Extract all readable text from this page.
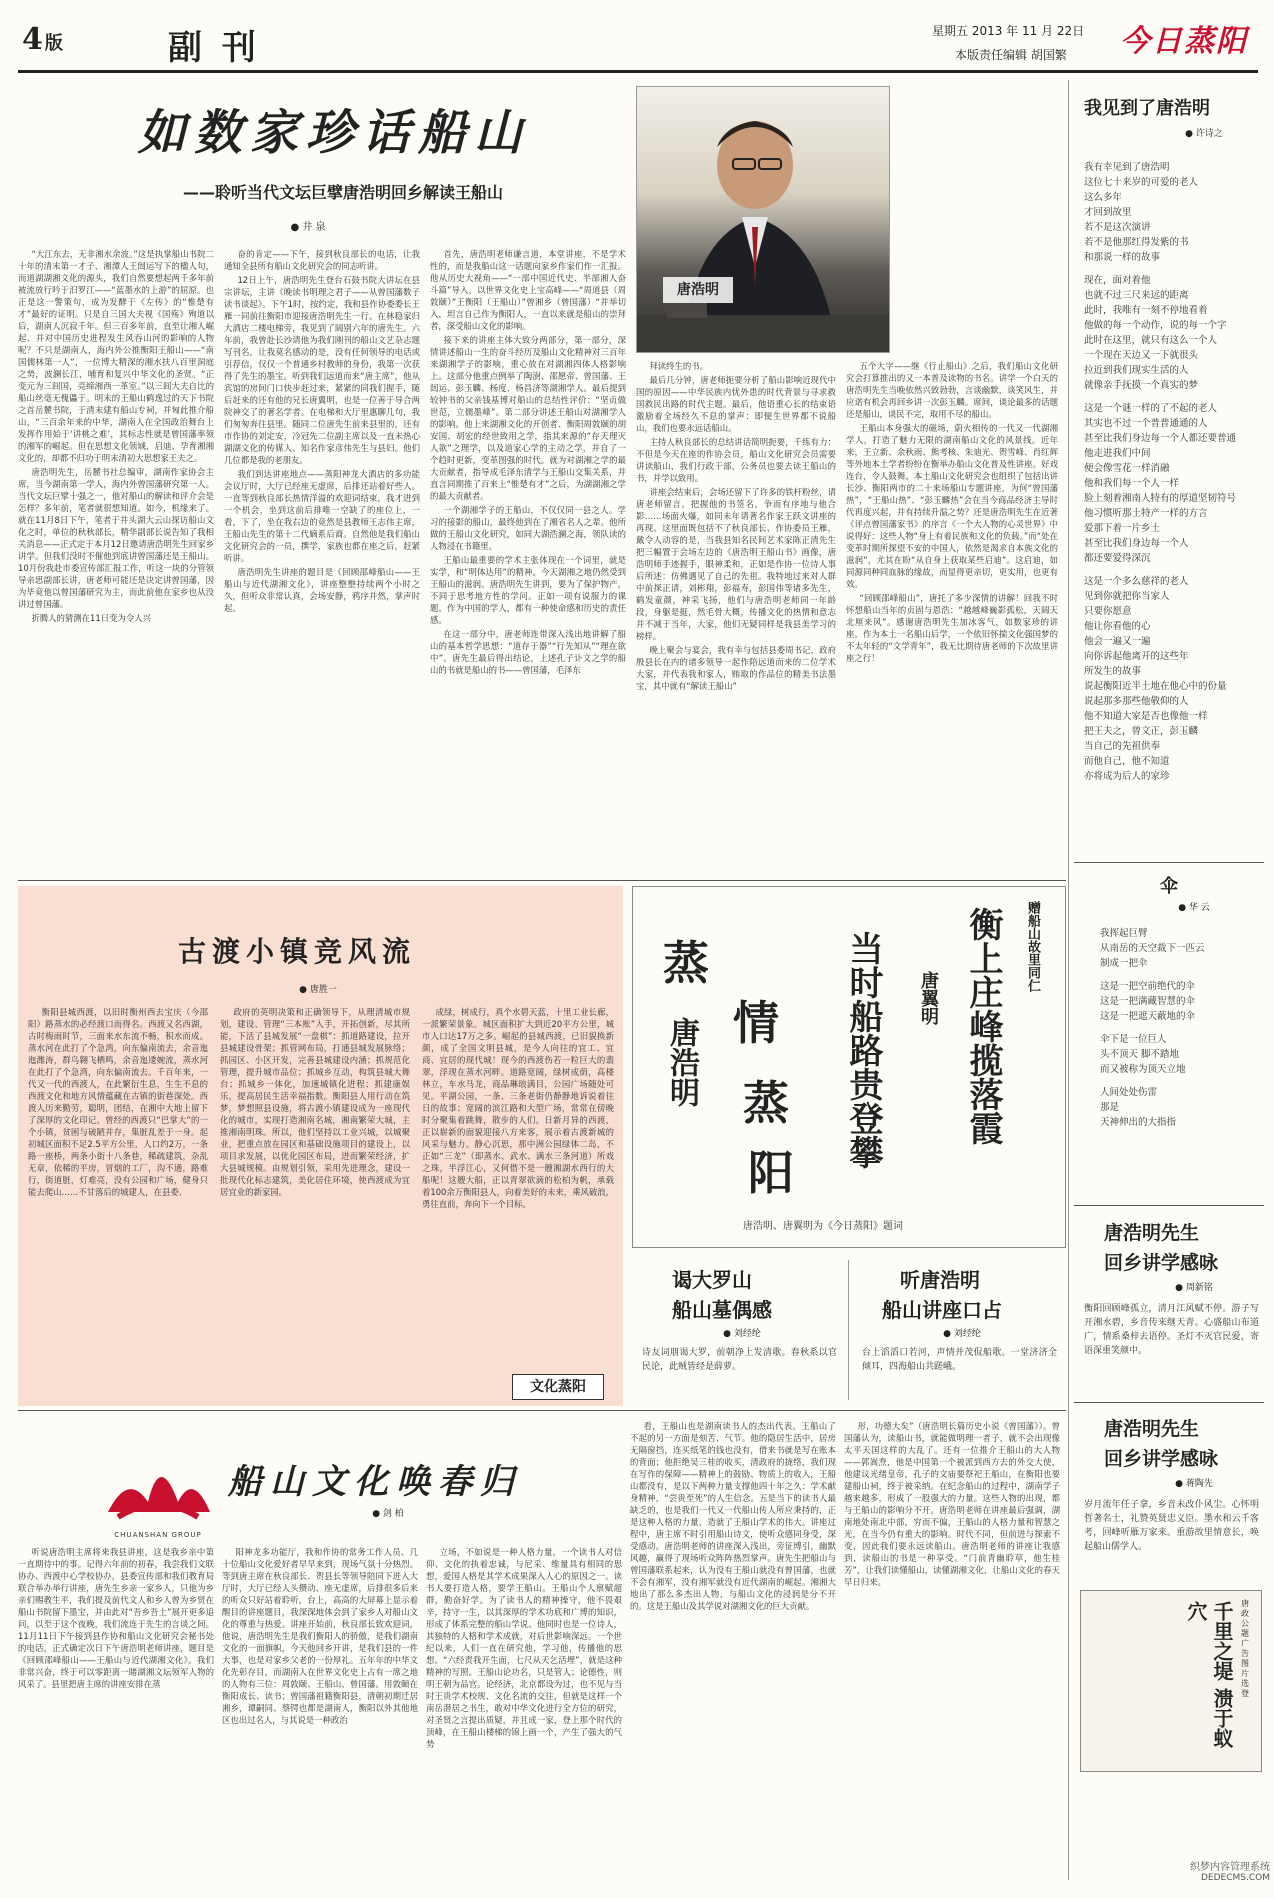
4 版	副 刊	星期五 2013 年 11 月 22日
本版责任编辑 胡国繁 今日蒸阳
如数家珍话船山
——聆听当代文坛巨擘唐浩明回乡解读王船山
● 井 泉

“大江东去，无非湘水余波。”这是执掌船山书院二十年的清末第一才子、湘潭人王闿运写下的楹人句，而道湖湖湘文化的源头，我们自然要想起两千多年前被流放行吟于汨罗江——“蓝墨水的上游”的屈原。也正是这一警策句，成为发酵于《左传》的“惟楚有才”最好的证明。只是自三国大夫视《国殇》殉道以后，湖南人沉寂千年。但三百多年前，直至让湘人崛起、并对中国历史进程发生风吞山河的影响的人物呢？不只是湖南人，海内外公推衡阳王船山——“南国儒林第一人”，一位博大精深的湘水扶八百里洞庭之势，波澜长江，哺育和复兴中华文化的圣贤。“正变元为三闾国，亮缔湘西一革室。”以三闾大夫自比的船山丝毫无傀儡于。明末的王船山鹤逸过的天下书院之首岳麓书院，于清末建有船山专祠，并匈此推介船山，“三百余年来的中华，湖南人在全国政治舞台上发挥作用始于‘讲桃之难’，其标志性就是曾国藩率领的湘军的崛起。但在思想文化领域，启迪、孕育湘湘文化的，却都不归功于明末清初大思想家王夫之。

唐浩明先生，岳麓书社总编审，湖南作家协会主席，当今湖南第一学人，海内外曾国藩研究第一人。当代文坛巨擘十强之一，他对船山的解读和评介会是怎样？多年前，笔者就很想知道。如今，机缘来了。就在11月8日下午，笔者于井头湖大云山探访船山文化之时，单位的秋秋部长，精华副部长说告知了我相关消息——正式定于本月12日邀请唐浩明先生回家乡讲学。但我们没时不催他到底讲曾国藩还是王船山。10月份我赴市委宣传部汇报工作，听这一块的分管领导亲思副部长讲，唐老师可能还是决定讲曾国藩，因为毕竟他以曾国藩研究为主，而此前他在家乡也从没讲过曾国藩。

折腾人的猜测在11日变为令人兴

奋的肯定——下午，接到秋良部长的电话，让我通知全县所有船山文化研究会的同志听讲。

12日上午，唐浩明先生登台石鼓书院大讲坛在县宗讲坛，主讲《晚读书明理之君子——从曾国藩数子读书谈起》。下午1时，按约定，我和县作协委委长王雁一同前往衡阳市迎接唐浩明先生一行。在林稳家归大酒店二楼电梯旁，我见到了阔别六年的唐先生。六年前，我曾赴长沙请他为我们刚刊的船山文艺杂志题写刊名，让我莫名感动的是，没有任何领导的电话或引荐信，仅仅一个普通乡村教师的身份，我第一次获得了先生的墨宝。听到我们远道而来“唐主席”，他从宾馆的房间门口快步赶过来，紧紧的同我们握手，随后赶来的还有他的兄长唐翼明，也是一位善于导合两院神交了的著名学者。在电梯和大厅里惠聊几句，我们匆匆奔往县里。随同二位唐先生前来县里的，还有市作协的刘定安，冷冠先二位副主席以及一直未热心湖湖文化的传媒人、知名作家彦伟先生与县妇。他们几位都是我的老朋友。

我们到达讲座地点——蒸阳神龙大酒店的多功能会议厅时，大厅已经座无虚席，后排还站着好些人。一直等到秋良部长热情洋溢的欢迎词结束，我才进到一个机会，坐到这前后排唯一空缺了的座位上，一看，下了，坐在我右边的竟然是县教师王志伟主席，王船山先生的第十二代嫡系后裔。自然他是我们船山文化研究会的一员，撰学，家族也都在座之后，赶紧听讲。

唐浩明先生讲座的题目是《回顾邵峰船山——王船山与近代湖湘文化》，讲座整整持续两个小时之久，但听众非常认真，会场安静，鸦序并然，掌声时起。

首先，唐浩明老师谦言道，本堂讲座，不是学术性的，而是我船山这一话题向家乡作家们作一汇报。他从历史大视角——“一部中国近代史、半部湘人奋斗篇”导入，以世界文化史上宝高峰——“周道县（周敦颐）”王衡阳（王船山）”曾湘乡（曾国藩）“并举切入，坦言自己作为衡阳人，一直以来就是船山的崇拜者，深受船山文化的影响。

接下来的讲座主体大致分两部分，第一部分，深情讲述船山一生的奋斗经历及船山文化精神对三百年来湖湘学子的影响，重心放在对湖湘四体人格影响上。这部分他重点例举了陶澍、邵愿帝、曾国藩、王闿运、彭玉麟、杨度、杨昌济等湖湘学人。最后提到较钟书的父亲钱基博对船山的总结性评价：“坚贞做世范，立儒墨峰”。第二部分讲述王船山对湖湘学人的影响。他上来湖湘文化的开创者、衡阳周敦颐的胡安国、胡宏的经世致用之学，指其来源的“存天理灭人欲”之理学，以及道家心学的主动之学，并自了一个趋时更新，变革图强的时代。就为对湖湘之学的最大贡献者，指导成毛泽东清学与王船山交集关系，并直言同期推了百来上“惟楚有才”之后，为湖湖湘之学的最大贡献者。

一个湖湘学子的王船山，不仅仅同一县之人。学习的接影的船山，最终他到在了湘省名人之辈。他所做的王船山文化研究，如同大湖浩澜之海，领队读的人物浸在书籍里。

王船山最重要的学术主张体现在一个词里，就是实学，和“明体达用”的精神。今天湖湘之地仍然受到王船山的滋润。唐浩明先生讲到，要为了保护物产，不同于思考地方性的学问。正如一项有说服力的课题。作为中国的学人，都有一种使命感和历史的责任感。

在这一部分中，唐老师连带深入浅出地讲解了船山的基本哲学思想：“道存于器”“行先知从”“理在欲中”。唐先生最后得出结论，上述孔子讣文之学的船山的书就是船山的书——曾国藩，毛泽东

唐浩明

拜读终生的书。

最后几分钟，唐老师扼要分析了船山影响近现代中国的原因——中华民族内忧外患的时代背景与寻求救国救民出路的时代主题。最后，他语重心长的结束语激励着全场经久不息的掌声：即便生世界都不说船山，我们也要永远话船山。

主持人秋良部长的总结讲话简明扼要，千练有力：不但是今天在座的作协会员，船山文化研究会员需要讲读船山，我们行政干部，公务员也要去读王船山的书，并学以致用。

讲座会结束后，会场还留下了许多的铁杆粉丝，请唐老师留言，把握他的书签名，争而有序地与他合影……场面火爆，如同未年请著名作家王跃文讲座的再现。这里面既包括不了秋良部长、作协委员王雁，戴令人动容的是，当我县知名民间艺术家陈正清先生把三幅置于会场左边的《唐浩明王船山书》画像，唐浩明师手迹握手，眼神柔和，正如是作协一位诗人事后所述：仿佛遇见了自己的先祖。我特地过来对人群中前探正请，刘彬翔，彭福寿，彭国伟等诸多先生，鹤发童颜，神采飞扬，他们与唐浩明老师同一年龄段，身躯是挺，然毛骨大概，传播文化的热情和意志并不减于当年，大家，他们无疑同样是我县美学习的榜样。

晚上聚会与宴会，我有幸与包括县委周书记，政府殷县长在内的诸多领导一起作陪远道而来的二位学术大家，并代表我和家人，贿取的作品位的精美书法墨宝，其中就有“解读王船山”

五个大字——继《行止船山》之后，我们船山文化研究会打算推出的又一本普及读物的书名。讲学一个白天的唐浩明先生当晚依然兴致勃勃，言谈幽默，谈笑风生，并应诺有机会再回乡讲一次彭玉麟。席间，谈论最多的话题还是船山，谈民不完，取用不尽的船山。

王船山本身强大的磁场，蔚火相传的一代又一代湖湘学人，打造了魅力无限的湖南船山文化的风景线。近年来，王立新、余秋雨、熊考核、朱迪光、贺雪峰、肖红辉等外地本土学者纷纷在衡举办船山文化普及性讲座。好戏连台，令人鼓舞。本土船山文化研究会也组织了包括出讲长沙、衡阳两市的二十来场船山专题讲座，为何“曾国藩热”，“王船山热”、“彭玉麟热”会在当今商品经济主导时代再度兴起，并有持续升温之势？还是唐浩明先生在近著《评点曾国藩家书》的序言《一个大人物的心灵世界》中说得好：这些人物“身上有着民族和文化的负载。”而“处在变革时期所探望不安的中国人，依然是渴求自本族文化的滋润”，尤其在盼“从自身上获取某些启迪”。这启迪，如同源同种同血脉的缘故，而显得更亲切，更实用，也更有效。

“回顾邵峰船山”，唐托了多少深情的讲解！回我不时怀想船山当年的贞固与恩浩：“越越峰巍影孤松，天阔天北厘来风”。感谢唐浩明先生加冰客气，如数家珍的讲座。作为本土一名船山后学，一个依旧怀揣文化强国梦的不太年轻的“文学青年”，我无比期待唐老师的下次故里讲座之行！

我见到了唐浩明
● 许诗之
我有幸见到了唐浩明
这位七十来岁的可爱的老人
这么多年
才回到故里
若不是这次演讲
若不是他那红得发紫的书
和那说一样的故事
现在，面对着他
也就不过三尺来远的距离
此时，我唯有一刻不停地看着
他做的每一个动作，说的每一个字
此时在这里，就只有这么一个人
一个现在天边又一下就很头
拉近到我们现实生活的人
就像亲手抚摸一个真实的梦
这是一个谜一样的了不起的老人
其实也不过一个普普通通的人
甚至比我们身边每一个人都还要普通
他走进我们中间
便会像雪花一样消融
他和我们每一个人一样
脸上刻着湘南人特有的厚道坚韧符号
他习惯听那土特产一样的方言
爱那下着一片乡土
甚至比我们身边每一个人
都还要爱得深沉
这是一个多么慈祥的老人
见到你就把你当家人
只要你愿意
他让你看他的心
他会一遍又一遍
向你诉起他离开的这些年
所发生的故事
说起衡阳近半土地在他心中的份量
说起那多那些他敬仰的人
他不知道大家是否也像他一样
把王夫之，曾文正，彭玉麟
当自己的先祖供奉
而他自己，他不知道
亦将成为后人的家珍
伞
● 华 云
我挥起巨臂
从南岳的天空裁下一匹云
制成一把伞
这是一把空前绝代的伞
这是一把满藏智慧的伞
这是一把遮天蔽地的伞
伞下是一位巨人
头不顶天 脚不踏地
而又被称为顶天立地
人间处处伤雷
那是
天神伸出的大指指
唐浩明先生
回乡讲学感咏
● 周新铭
衡阳回顾峰孤立，清月江风赋不停。游子写开湘水碧，乡音传来继天青。心盛船山布道广，情系桑梓去语停。圣灯不灭官民爱，寄语深重笑颜中。
唐浩明先生
回乡讲学感咏
● 蒋陶先
岁月流年任子拿，乡音未改仆风尘。心怀明哲著名士，礼赞英贤忠义臣。墨水和云千客考，回峰听雁万家来。重游故里情意长，唤起船山儒学人。
唐政公题广告图片选登
千里之堤 溃于蚁穴
织梦内容管理系统
DEDECMS.COM
古渡小镇竞风流
● 唐胜一

衡阳县城西渡，以旧时衡州西去宝庆（今邵阳）路蒸水的必经渡口而得名。西渡又名西湖，古时梅雨时节，三面来水东流不畅，积水而成。蒸水河在此打了个急湾，向东偏南流去，余音迤迤潍涛，群鸟翱飞栖鸣，余音迤逶婉流，蒸水河在此打了个急湾，向东偏南流去。千百年来，一代又一代的西渡人，在此繁衍生息，生生不息的西渡文化和地方风情蕴藏在古镇的街巷深处。西渡人历来勤劳，聪明，团结，在湘中大地上留下了深厚的文化印记。曾经的西渡只“巴掌大”的一个小镇，贫困与破陋并存，集脏乱差于一身。起初城区面积不足2.5平方公里，人口约2万，一条路一座桥，两条小街十八条巷，稀疏建筑，杂乱无章，依稀的平房，冒烟的工厂，沟不通，路难行，街道脏，灯难亮，没有公园和广场，健身只能去爬山……不甘落后的城建人，在县委、

政府的英明决策和正确领导下，从理清城市规划，建设、管理“三本账”入手，开拓创新，尽其所能，下活了县城发展“一盘棋”：抓道路建设，拉开县城建设骨架；抓管网布局，打通县城发展脉络；抓园区、小区开发，完善县城建设内涵；抓规范化管理，提升城市品位；抓城乡互动，构筑县城大舞台；抓城乡一体化，加速城镇化进程；抓建康娱乐，提高居民生活幸福指数。衡阳县人用行动在筑梦，梦想照县设施，将古渡小镇建设成为一座现代化的城市，实现打造湘南名城，湘南繁荣大城，主推湘南明珠。所以，他们坚持以工业兴城，以城聚业，把重点放在园区和基础设施项目的建设上，以项目求发展，以优化园区布局，进而繁荣经济，扩大县城规模。由规划引领，采用先进理念，建设一批现代化标志建筑，美化居住环境，使西渡成为宜居宜业的新家园。

成绿，树成行，真个水碧天蓝，十里工业长廊，一派繁荣景象。城区面积扩大到近20平方公里，城市人口达17万之多。崛起的县城西渡，已旧貌换新颜，成了全国文明县城，是今人向往的宜工、宜商、宜居的现代城！现今的西渡伤若一粒巨大的翡翠，浮现在蒸水河畔。道路宽阔，绿树成荫，高楼林立，车水马龙，商品琳琅满目，公园广场随处可见。平湖公园，一条、三条老街仍静静地诉说着往日的故事；宽阔的滨江路和大型广场，常常在傍晚时分聚集着跳舞，散步的人们。日新月异的西渡，正以崭新的面貌迎接八方来客，展示着古渡新城的风采与魅力。静心沉思，那中洲公园绿体二岛，不正如“三龙”（即蒸水、武水、满水三条河道）所戏之珠，半浮江心，又何借不是一艘湘湖水西行的大船呢！这艘大船，正以青翠欲滴的松柏为帆，承载着100余万衡阳县人，向着美好的未来，乘风破浪，勇往直前，奔向下一个目标。

文化蒸阳
蒸
情
蒸
阳
唐浩明
赠船山故里同仁
衡上庄峰揽落霞
当时船路贵登攀
唐翼明
唐浩明、唐翼明为《今日蒸阳》题词
谒大罗山
船山墓偶感
● 刘经纶
诗友词朋谒大罗，前朝净上发清歌。春秋系以官民论，此贼皆经是薛萝。
听唐浩明
船山讲座口占
● 刘经纶
台上滔滔口若河，声情并茂侃船歌。一堂济济全倾耳，四海船山共蹉峨。
CHUANSHAN GROUP
船山文化唤春归
● 剑 柏

听说唐浩明主席将来我县讲座，这是我乡亲中第一直期待中的事。记得六年前的初春，我尝我们文联协办、西渡中心学校协办，县委宣传部和我们教育局联合举办举行讲座，唐先生乡亲一家乡人，只他为乡亲们赐教生平，我们提及前代文人和乡人曾为乡贤在船山书院留下墨宝，并由此对“吾乡吾土”展开更多追问，以至于这个夜晚，我们流连于先生的言谈之间。11月11日下午接到县作协和船山文化研究会秘书处的电话，正式确定次日下午唐浩明老师讲座，题目是《回顾邵峰船山——王船山与近代湖湘文化》。我们非常兴奋，终于可以零距离一睹湖湘文坛领军人物的风采了。县里把唐主席的讲座安排在蒸

阳神龙多功能厅，我和作协的常务工作人员、几十位船山文化爱好者早早来到，现场气氛十分热烈。等到唐主席在秋良部长、贺县长等领导陪同下进入大厅时，大厅已经人头攒动、座无虚席，后排很多后来的听众只好站着聆听，台上，高高的大屏幕上显示着醒目的讲座题目，我深深地体会到了家乡人对船山文化的尊重与热爱。讲座开始前，秋良部长致欢迎词，他说，唐浩明先生是我们衡阳人的骄傲，是我们湖南文化的一面旗帜，今天他回乡开讲，是我们县的一件大事，也是对家乡父老的一份厚礼。五年年的中华文化先彰存目，而湖南人在世界文化史上占有一席之地的人物有三位：周敦颐、王船山、曾国藩。用敦颐在衡阳成长、读书；曾国藩祖籍衡阳县，清朝初期迁居湘乡，谭嗣同、蔡锷也都是湖南人，衡阳以外其他地区也出过名人，与其说是一种政治

立场，不如说是一种人格力量，一个读书人对信仰、文化的执着忠诚，与尼采、维量具有相同的思想，爱国人格是其学术成果深入人心的原因之一。读书人要打造人格，要学王船山。王船山个人禀赋超群，勤奋好学。为了读书人的精神操守，他不畏艰辛，持守一生，以其深厚的学术功底和广博的知识，形成了体系完整的船山学说。他同时也是一位诗人，其独特的人格和学术成就，对后世影响深远。一个世纪以来，人们一直在研究他，学习他，传播他的思想。“六经责我开生面，七尺从天乞活埋”，就是这种精神的写照。王船山论功名，只是管人；论德性，则明王朝为品官。论经济，北京都设为过，也不见与当时王贵学术校规、文化名流的交往，但就是这样一个南岳潜居之书生，敢对中华文化进行全方位的研究，对圣贤之言提出质疑，并且成一家，登上那个时代的顶峰，在王船山楼梯的锦上画一个，产生了强大的气势

看，王船山也是湖南读书人的杰出代表。王船山了不起的另一方面是刻苦、气节。他的隐居生活中，居房无隔窗挡，连买纸笔的钱也没有，借来书就是写在账本的背面；他拒绝吴三桂的收买，清政府的拢络，我们现在写作的保障——精神上的鼓励、物质上的收入，王船山都没有，是以下两种力量支撑他四十年之久：学术献身精神，“尝贵至死”的人生信念。五是当下的读书人最缺乏的，也是我们一代又一代船山传人所应秉持的，正是这种人格的力量，造就了王船山学术的伟大。讲座过程中，唐主席不时引用船山诗文，使听众感同身受，深受感动。唐浩明老师的讲座深入浅出，旁征博引，幽默风趣，赢得了现场听众阵阵热烈掌声。唐先生把船山与曾国藩联系起来，认为没有王船山就没有曾国藩，也就不会有湘军，没有湘军就没有近代湖南的崛起。湘湘大地出了那么多杰出人物，与船山文化的浸润是分不开的。这是王船山及其学说对湖湘文化的巨大贡献。

形，功德大矣”（唐浩明长篇历史小说《曾国藩》）。曾国藩认为，读船山书，就能做明理一者子，就不会出现像太平天国这样的大乱了。还有一位推介王船山的大人物——郭嵩焘，他是中国第一个被派到西方去的外交大使，他建议光绪皇帝，孔子的文庙要祭祀王船山，在衡阳也要建船山祠，终于被采纳。在纪念船山的过程中，湖南学子越来越多，形成了一股强大的力量。这些人物的出现，都与王船山的影响分不开。唐浩明老师在讲座最后强调，湖南地处南北中部，穷而不偏，王船山的人格力量和智慧之光，在当今仍有重大的影响。时代不同，但前进与探索不变，因此我们要永远读船山。唐浩明老师的讲座让我感到，读船山的书是一种享受。“门前青幽聆草，他生桂芳”，让我们读懂船山，读懂湖湘文化，让船山文化的春天早日归来。
